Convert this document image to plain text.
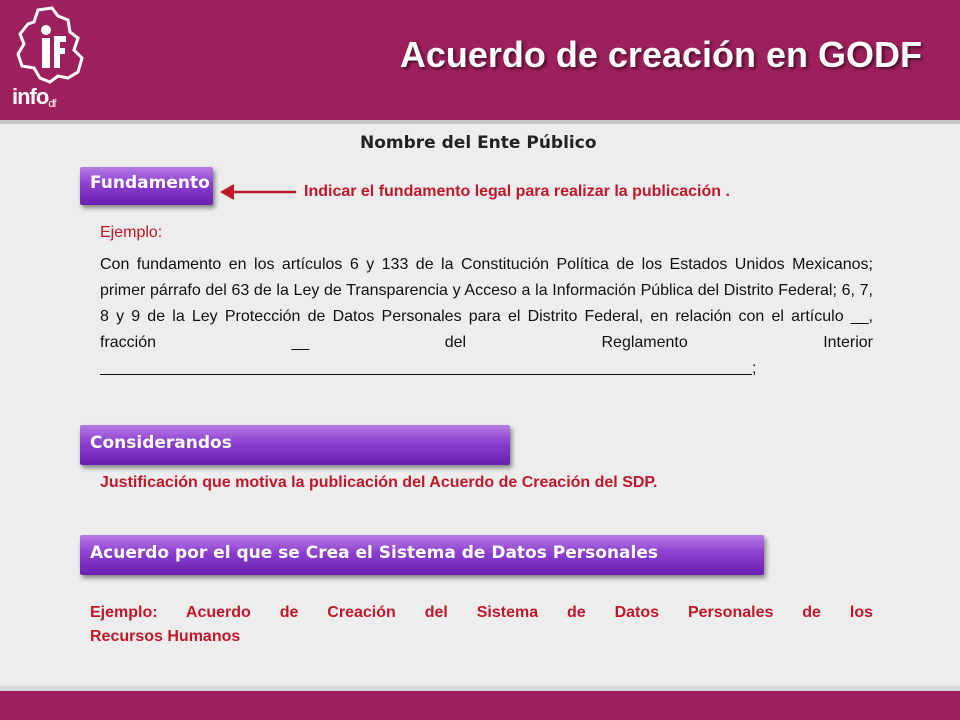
infodf
Acuerdo de creación en GODF
Nombre del Ente Público
Fundamento	Indicar el fundamento legal para realizar la publicación .
Ejemplo:

Con fundamento en los artículos 6 y 133 de la Constitución Política de los Estados Unidos Mexicanos; primer párrafo del 63 de la Ley de Transparencia y Acceso a la Información Pública del Distrito Federal; 6, 7, 8 y 9 de la Ley Protección de Datos Personales para el Distrito Federal, en relación con el artículo __, fracción __ del Reglamento Interior ;

Considerandos
Justificación que motiva la publicación del Acuerdo de Creación del SDP.
Acuerdo por el que se Crea el Sistema de Datos Personales

Ejemplo: Acuerdo de Creación del Sistema de Datos Personales de los
Recursos Humanos
